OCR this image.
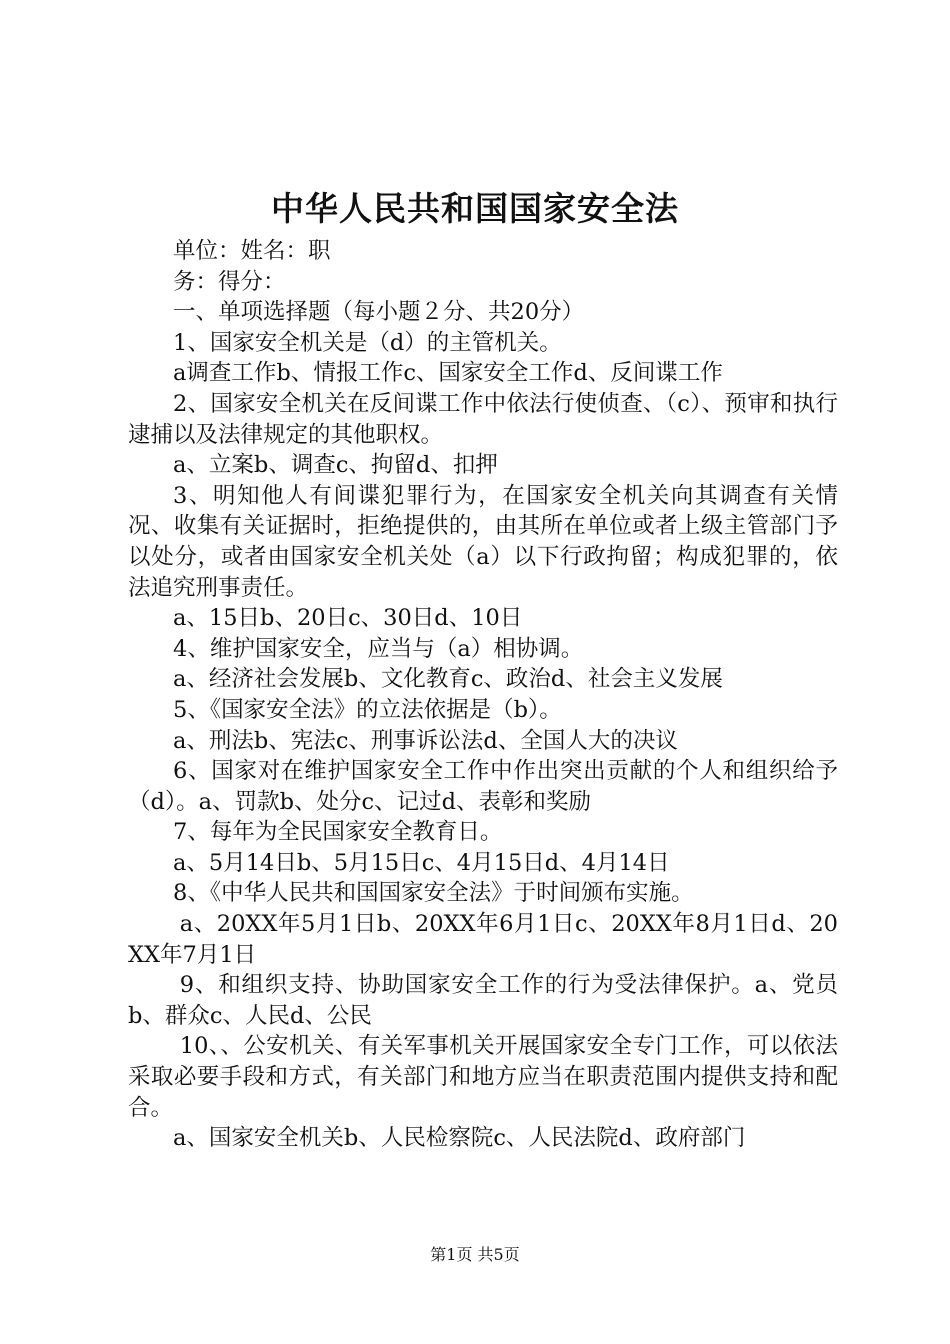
中华人民共和国国家安全法

单位：姓名：职

务：得分：

一、单项选择题（每小题２分、共20分）

1、国家安全机关是（d）的主管机关。

a调查工作b、情报工作c、国家安全工作d、反间谍工作

2、国家安全机关在反间谍工作中依法行使侦查、（c）、预审和执行逮捕以及法律规定的其他职权。

a、立案b、调查c、拘留d、扣押

3、明知他人有间谍犯罪行为，在国家安全机关向其调查有关情况、收集有关证据时，拒绝提供的，由其所在单位或者上级主管部门予以处分，或者由国家安全机关处（a）以下行政拘留；构成犯罪的，依法追究刑事责任。

a、15日b、20日c、30日d、10日

4、维护国家安全，应当与（a）相协调。

a、经济社会发展b、文化教育c、政治d、社会主义发展

5、《国家安全法》的立法依据是（b）。

a、刑法b、宪法c、刑事诉讼法d、全国人大的决议

6、国家对在维护国家安全工作中作出突出贡献的个人和组织给予（d）。a、罚款b、处分c、记过d、表彰和奖励

7、每年为全民国家安全教育日。

a、5月14日b、5月15日c、4月15日d、4月14日

8、《中华人民共和国国家安全法》于时间颁布实施。

a、20XX年5月1日b、20XX年6月1日c、20XX年8月1日d、20XX年7月1日

9、和组织支持、协助国家安全工作的行为受法律保护。a、党员b、群众c、人民d、公民

10、、公安机关、有关军事机关开展国家安全专门工作，可以依法采取必要手段和方式，有关部门和地方应当在职责范围内提供支持和配合。

a、国家安全机关b、人民检察院c、人民法院d、政府部门

第1页 共5页
